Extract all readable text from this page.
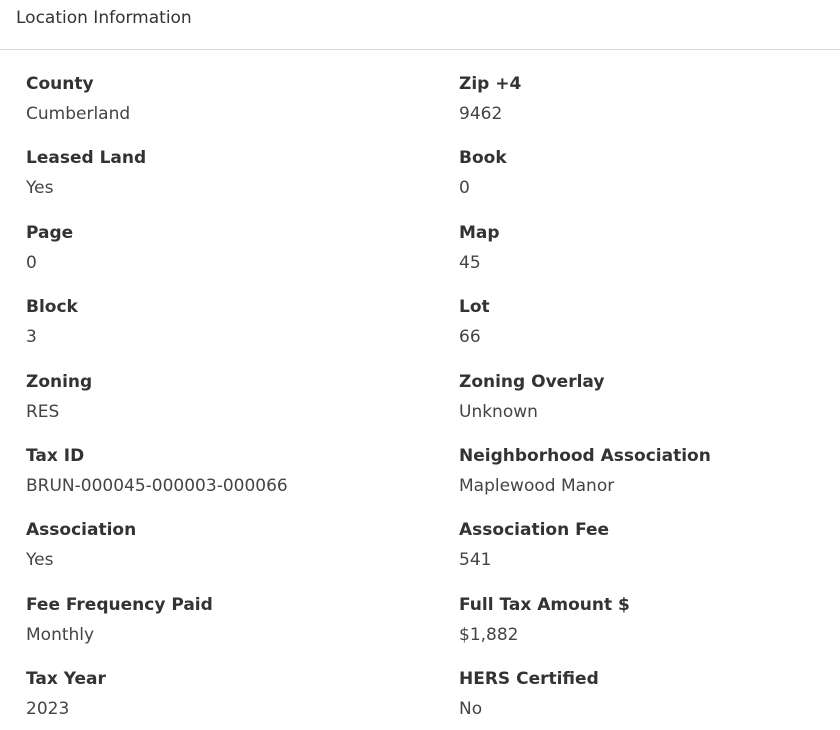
Location Information
County
Cumberland
Zip +4
9462
Leased Land
Yes
Book
0
Page
0
Map
45
Block
3
Lot
66
Zoning
RES
Zoning Overlay
Unknown
Tax ID
BRUN-000045-000003-000066
Neighborhood Association
Maplewood Manor
Association
Yes
Association Fee
541
Fee Frequency Paid
Monthly
Full Tax Amount $
$1,882
Tax Year
2023
HERS Certified
No
